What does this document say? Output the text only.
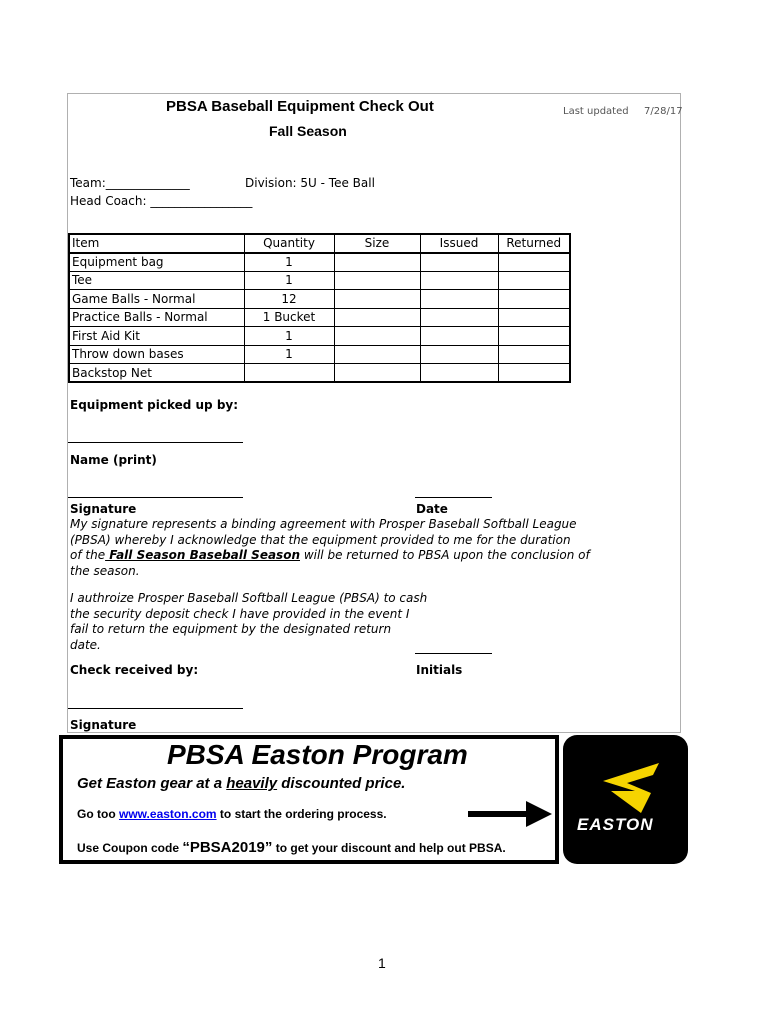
PBSA Baseball Equipment Check Out
Fall Season
Last updated 7/28/17
Team:______________	Division: 5U - Tee Ball
Head Coach: _________________
Item	Quantity	Size	Issued	Returned
Equipment bag	1			
Tee	1			
Game Balls - Normal	12			
Practice Balls - Normal	1 Bucket			
First Aid Kit	1			
Throw down bases	1			
Backstop Net				
Equipment picked up by:
Name (print)
Signature	Date
My signature represents a binding agreement with Prosper Baseball Softball League
(PBSA) whereby I acknowledge that the equipment provided to me for the duration
of the Fall Season Baseball Season will be returned to PBSA upon the conclusion of
the season.
I authroize Prosper Baseball Softball League (PBSA) to cash
the security deposit check I have provided in the event I
fail to return the equipment by the designated return
date.
Check received by:	Initials
Signature
PBSA Easton Program
Get Easton gear at a heavily discounted price.
Go too www.easton.com to start the ordering process.
Use Coupon code “PBSA2019” to get your discount and help out PBSA.
EASTON
1
